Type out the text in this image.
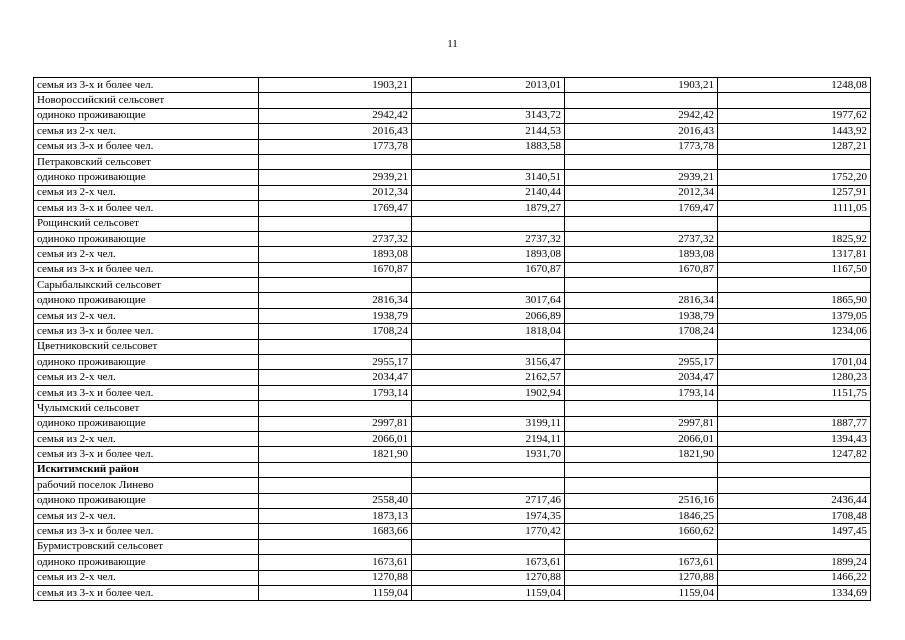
11
семья из 3-х и более чел.	1903,21	2013,01	1903,21	1248,08
Новороссийский сельсовет				
одиноко проживающие	2942,42	3143,72	2942,42	1977,62
семья из 2-х чел.	2016,43	2144,53	2016,43	1443,92
семья из 3-х и более чел.	1773,78	1883,58	1773,78	1287,21
Петраковский сельсовет				
одиноко проживающие	2939,21	3140,51	2939,21	1752,20
семья из 2-х чел.	2012,34	2140,44	2012,34	1257,91
семья из 3-х и более чел.	1769,47	1879,27	1769,47	1111,05
Рощинский сельсовет				
одиноко проживающие	2737,32	2737,32	2737,32	1825,92
семья из 2-х чел.	1893,08	1893,08	1893,08	1317,81
семья из 3-х и более чел.	1670,87	1670,87	1670,87	1167,50
Сарыбалыкский сельсовет				
одиноко проживающие	2816,34	3017,64	2816,34	1865,90
семья из 2-х чел.	1938,79	2066,89	1938,79	1379,05
семья из 3-х и более чел.	1708,24	1818,04	1708,24	1234,06
Цветниковский сельсовет				
одиноко проживающие	2955,17	3156,47	2955,17	1701,04
семья из 2-х чел.	2034,47	2162,57	2034,47	1280,23
семья из 3-х и более чел.	1793,14	1902,94	1793,14	1151,75
Чулымский сельсовет				
одиноко проживающие	2997,81	3199,11	2997,81	1887,77
семья из 2-х чел.	2066,01	2194,11	2066,01	1394,43
семья из 3-х и более чел.	1821,90	1931,70	1821,90	1247,82
Искитимский район				
рабочий поселок Линево				
одиноко проживающие	2558,40	2717,46	2516,16	2436,44
семья из 2-х чел.	1873,13	1974,35	1846,25	1708,48
семья из 3-х и более чел.	1683,66	1770,42	1660,62	1497,45
Бурмистровский сельсовет				
одиноко проживающие	1673,61	1673,61	1673,61	1899,24
семья из 2-х чел.	1270,88	1270,88	1270,88	1466,22
семья из 3-х и более чел.	1159,04	1159,04	1159,04	1334,69
